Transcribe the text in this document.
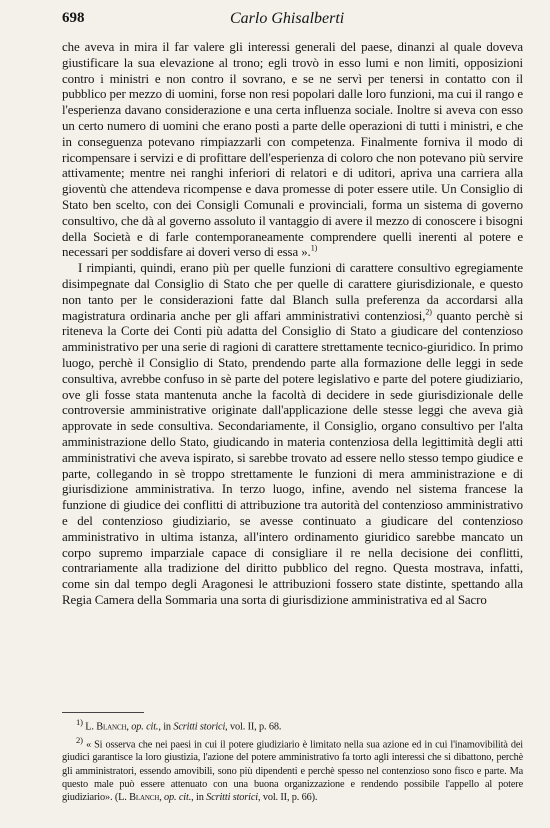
698	Carlo Ghisalberti

che aveva in mira il far valere gli interessi generali del paese, dinanzi al quale doveva giustificare la sua elevazione al trono; egli trovò in esso lumi e non limiti, opposizioni contro i ministri e non contro il sovrano, e se ne servì per tenersi in contatto con il pubblico per mezzo di uomini, forse non resi popolari dalle loro funzioni, ma cui il rango e l'esperienza davano considerazione e una certa influenza sociale. Inoltre si aveva con esso un certo numero di uomini che erano posti a parte delle operazioni di tutti i ministri, e che in conseguenza potevano rimpiazzarli con competenza. Finalmente forniva il modo di ricompensare i servizi e di profittare dell'esperienza di coloro che non potevano più servire attivamente; mentre nei ranghi inferiori di relatori e di uditori, apriva una carriera alla gioventù che attendeva ricompense e dava promesse di poter essere utile. Un Consiglio di Stato ben scelto, con dei Consigli Comunali e provinciali, forma un sistema di governo consultivo, che dà al governo assoluto il vantaggio di avere il mezzo di conoscere i bisogni della Società e di farle contemporaneamente comprendere quelli inerenti al potere e necessari per soddisfare ai doveri verso di essa ».$^{1)}$

I rimpianti, quindi, erano più per quelle funzioni di carattere consultivo egregiamente disimpegnate dal Consiglio di Stato che per quelle di carattere giurisdizionale, e questo non tanto per le considerazioni fatte dal Blanch sulla preferenza da accordarsi alla magistratura ordinaria anche per gli affari amministrativi contenziosi,$^{2)}$ quanto perchè si riteneva la Corte dei Conti più adatta del Consiglio di Stato a giudicare del contenzioso amministrativo per una serie di ragioni di carattere strettamente tecnico-giuridico. In primo luogo, perchè il Consiglio di Stato, prendendo parte alla formazione delle leggi in sede consultiva, avrebbe confuso in sè parte del potere legislativo e parte del potere giudiziario, ove gli fosse stata mantenuta anche la facoltà di decidere in sede giurisdizionale delle controversie amministrative originate dall'applicazione delle stesse leggi che aveva già approvate in sede consultiva. Secondariamente, il Consiglio, organo consultivo per l'alta amministrazione dello Stato, giudicando in materia contenziosa della legittimità degli atti amministrativi che aveva ispirato, si sarebbe trovato ad essere nello stesso tempo giudice e parte, collegando in sè troppo strettamente le funzioni di mera amministrazione e di giurisdizione amministrativa. In terzo luogo, infine, avendo nel sistema francese la funzione di giudice dei conflitti di attribuzione tra autorità del contenzioso amministrativo e del contenzioso giudiziario, se avesse continuato a giudicare del contenzioso amministrativo in ultima istanza, all'intero ordinamento giuridico sarebbe mancato un corpo supremo imparziale capace di consigliare il re nella decisione dei conflitti, contrariamente alla tradizione del diritto pubblico del regno. Questa mostrava, infatti, come sin dal tempo degli Aragonesi le attribuzioni fossero state distinte, spettando alla Regia Camera della Sommaria una sorta di giurisdizione amministrativa ed al Sacro

$^{1)}$ L. Blanch, op. cit., in Scritti storici, vol. II, p. 68.

$^{2)}$ « Si osserva che nei paesi in cui il potere giudiziario è limitato nella sua azione ed in cui l'inamovibilità dei giudici garantisce la loro giustizia, l'azione del potere amministrativo fa torto agli interessi che si dibattono, perchè gli amministratori, essendo amovibili, sono più dipendenti e perchè spesso nel contenzioso sono fisco e parte. Ma questo male può essere attenuato con una buona organizzazione e rendendo possibile l'appello al potere giudiziario». (L. Blanch, op. cit., in Scritti storici, vol. II, p. 66).
